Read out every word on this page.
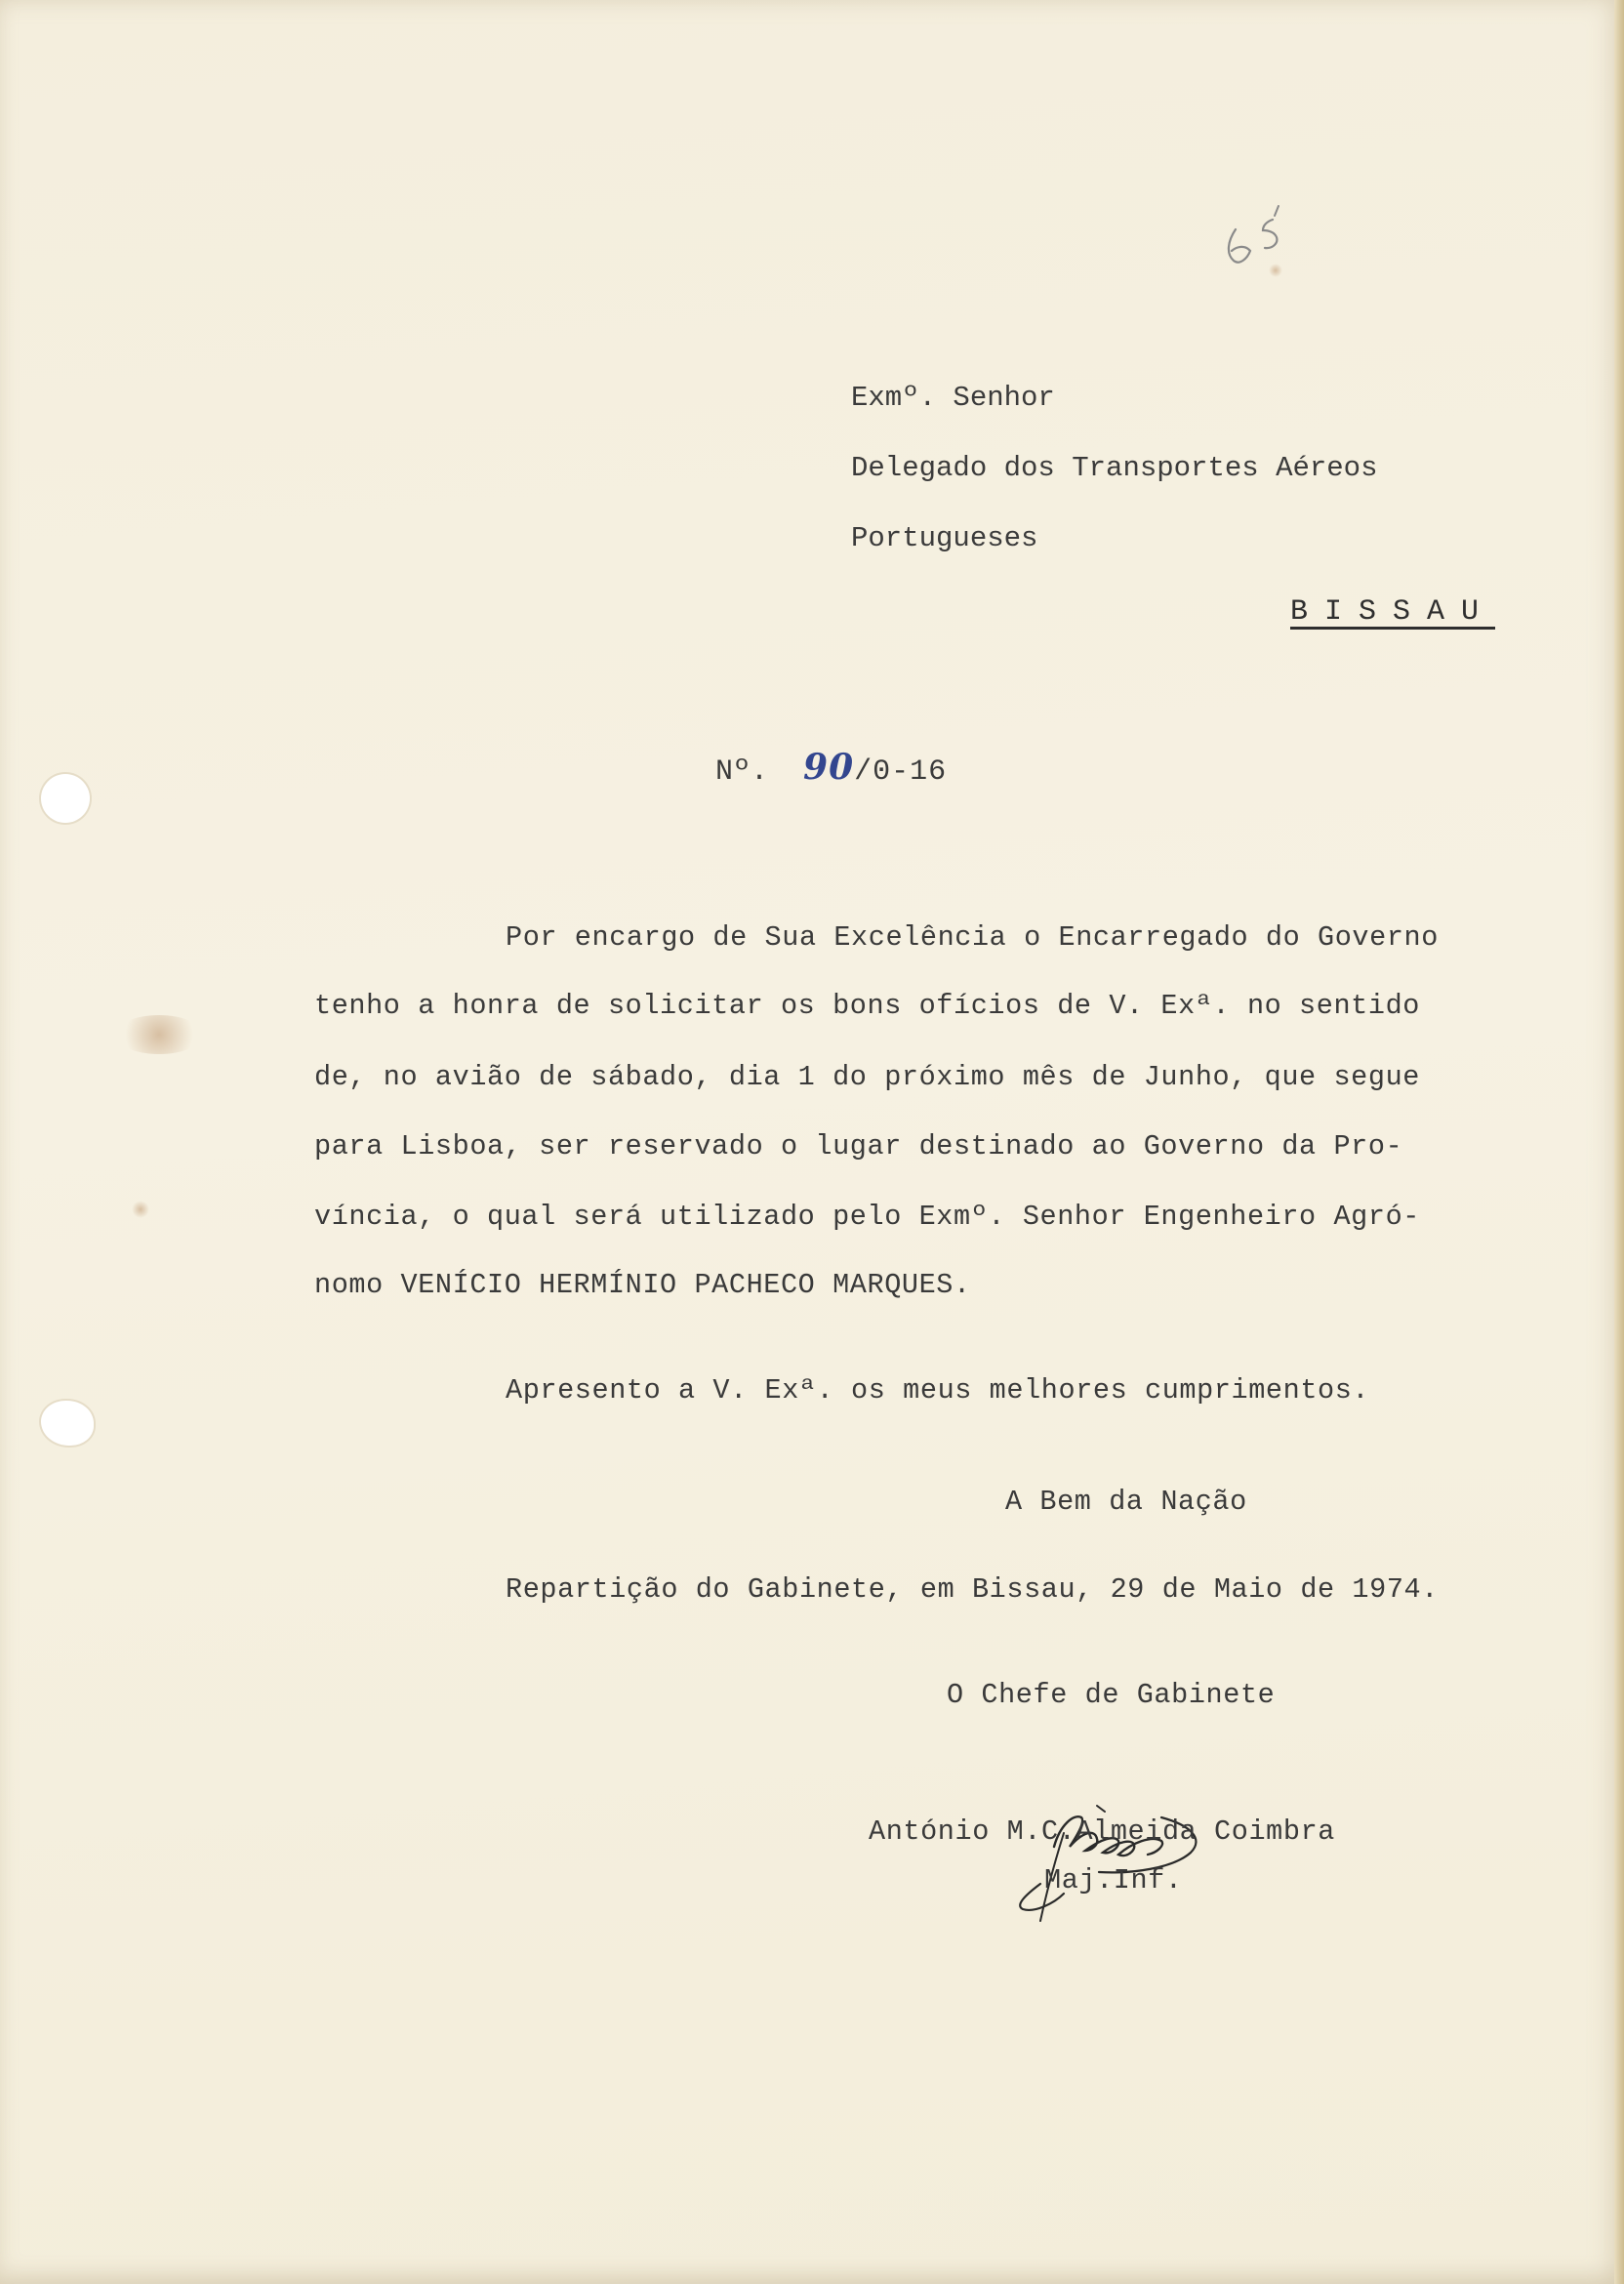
Exmº. Senhor
Delegado dos Transportes Aéreos
Portugueses
BISSAU
Nº. 90/0-16
Por encargo de Sua Excelência o Encarregado do Governo
tenho a honra de solicitar os bons ofícios de V. Exª. no sentido
de, no avião de sábado, dia 1 do próximo mês de Junho, que segue
para Lisboa, ser reservado o lugar destinado ao Governo da Pro-
víncia, o qual será utilizado pelo Exmº. Senhor Engenheiro Agró-
nomo VENÍCIO HERMÍNIO PACHECO MARQUES.
Apresento a V. Exª. os meus melhores cumprimentos.
A Bem da Nação
Repartição do Gabinete, em Bissau, 29 de Maio de 1974.
O Chefe de Gabinete
António M.C.Almeida Coimbra
Maj.Inf.
